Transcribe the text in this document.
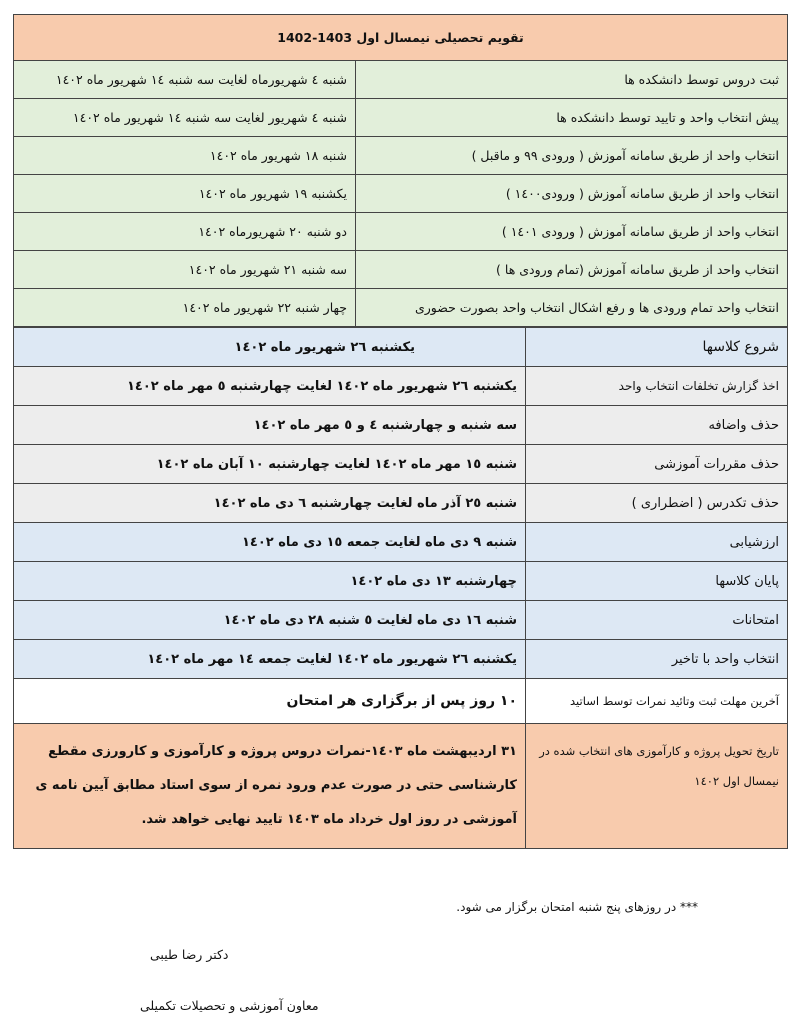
تقویم تحصیلی نیمسال اول 1403-1402	
ثبت دروس توسط دانشکده ها	شنبه ٤ شهریورماه لغایت سه شنبه ١٤ شهریور ماه ١٤٠٢
پیش انتخاب واحد و تایید توسط دانشکده ها	شنبه ٤ شهریور لغایت سه شنبه ١٤ شهریور ماه ١٤٠٢
انتخاب واحد از طریق سامانه آموزش ( ورودی ٩٩ و ماقبل )	شنبه ١٨ شهریور ماه ١٤٠٢
انتخاب واحد از طریق سامانه آموزش ( ورودی١٤٠٠ )	یکشنبه ١٩ شهریور ماه ١٤٠٢
انتخاب واحد از طریق سامانه آموزش ( ورودی ١٤٠١ )	دو شنبه ٢٠ شهریورماه ١٤٠٢
انتخاب واحد از طریق سامانه آموزش (تمام ورودی ها )	سه شنبه ٢١ شهریور ماه ١٤٠٢
انتخاب واحد تمام ورودی ها و رفع اشکال انتخاب واحد بصورت حضوری	چهار شنبه ٢٢ شهریور ماه ١٤٠٢
شروع کلاسها	یکشنبه ٢٦ شهریور ماه ١٤٠٢
اخذ گزارش تخلفات انتخاب واحد	یکشنبه ٢٦ شهریور ماه ١٤٠٢ لغایت چهارشنبه ٥ مهر ماه ١٤٠٢
حذف واضافه	سه شنبه و چهارشنبه ٤ و ٥ مهر ماه ١٤٠٢
حذف مقررات آموزشی	شنبه ١٥ مهر ماه ١٤٠٢ لغایت چهارشنبه ١٠ آبان ماه ١٤٠٢
حذف تکدرس ( اضطراری )	شنبه ٢٥ آذر ماه لغایت چهارشنبه ٦ دی ماه ١٤٠٢
ارزشیابی	شنبه ٩ دی ماه لغایت جمعه ١٥ دی ماه ١٤٠٢
پایان کلاسها	چهارشنبه ١٣ دی ماه ١٤٠٢
امتحانات	شنبه ١٦ دی ماه لغایت ٥ شنبه ٢٨ دی ماه ١٤٠٢
انتخاب واحد با تاخیر	یکشنبه ٢٦ شهریور ماه ١٤٠٢ لغایت جمعه ١٤ مهر ماه ١٤٠٢
آخرین مهلت ثبت وتائید نمرات توسط اساتید	١٠ روز پس از برگزاری هر امتحان
تاریخ تحویل پروژه و کارآموزی های انتخاب شده در نیمسال اول ١٤٠٢	٣١ اردیبهشت ماه ١٤٠٣-نمرات دروس پروژه و کارآموزی و کارورزی مقطع کارشناسی حتی در صورت عدم ورود نمره از سوی استاد مطابق آیین نامه ی آموزشی در روز اول خرداد ماه ١٤٠٣ تایید نهایی خواهد شد.
*** در روزهای پنج شنبه امتحان برگزار می شود.
دکتر رضا طیبی
معاون آموزشی و تحصیلات تکمیلی
